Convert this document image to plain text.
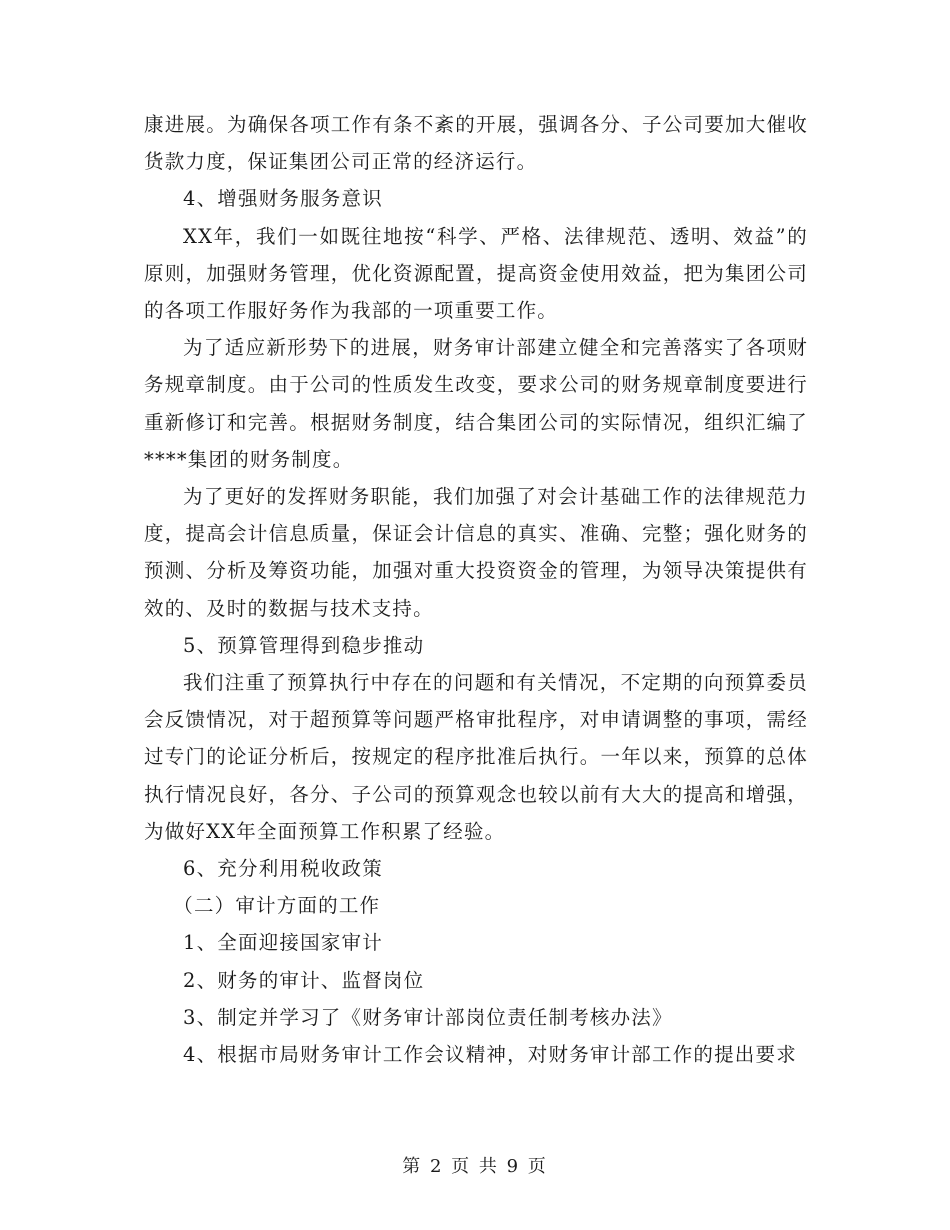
康进展。为确保各项工作有条不紊的开展，强调各分、子公司要加大催收货款力度，保证集团公司正常的经济运行。

4、增强财务服务意识

XX年，我们一如既往地按“科学、严格、法律规范、透明、效益”的原则，加强财务管理，优化资源配置，提高资金使用效益，把为集团公司的各项工作服好务作为我部的一项重要工作。

为了适应新形势下的进展，财务审计部建立健全和完善落实了各项财务规章制度。由于公司的性质发生改变，要求公司的财务规章制度要进行重新修订和完善。根据财务制度，结合集团公司的实际情况，组织汇编了****集团的财务制度。

为了更好的发挥财务职能，我们加强了对会计基础工作的法律规范力度，提高会计信息质量，保证会计信息的真实、准确、完整；强化财务的预测、分析及筹资功能，加强对重大投资资金的管理，为领导决策提供有效的、及时的数据与技术支持。

5、预算管理得到稳步推动

我们注重了预算执行中存在的问题和有关情况，不定期的向预算委员会反馈情况，对于超预算等问题严格审批程序，对申请调整的事项，需经过专门的论证分析后，按规定的程序批准后执行。一年以来，预算的总体执行情况良好，各分、子公司的预算观念也较以前有大大的提高和增强，为做好XX年全面预算工作积累了经验。

6、充分利用税收政策

（二）审计方面的工作

1、全面迎接国家审计

2、财务的审计、监督岗位

3、制定并学习了《财务审计部岗位责任制考核办法》

4、根据市局财务审计工作会议精神，对财务审计部工作的提出要求

第 2 页 共 9 页
